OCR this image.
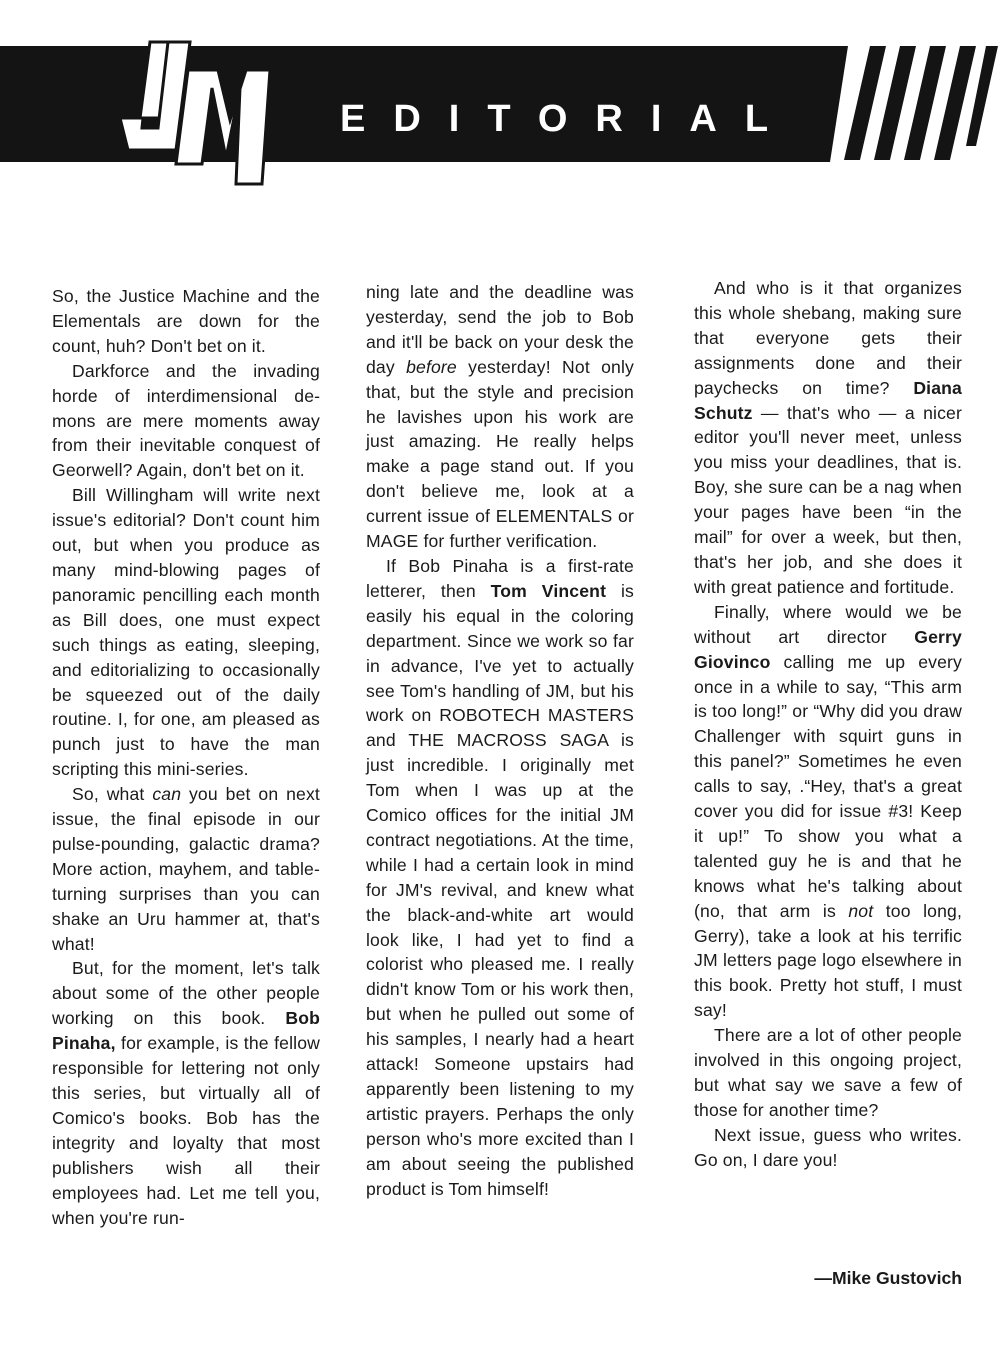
EDITORIAL

So, the Justice Machine and the Elementals are down for the count, huh? Don't bet on it.

Darkforce and the invading horde of interdimensional demons are mere moments away from their inevitable conquest of Georwell? Again, don't bet on it.

Bill Willingham will write next issue's editorial? Don't count him out, but when you produce as many mind-blowing pages of panoramic pencilling each month as Bill does, one must expect such things as eating, sleeping, and editorializing to occasionally be squeezed out of the daily routine. I, for one, am pleased as punch just to have the man scripting this mini-series.

So, what can you bet on next issue, the final episode in our pulse-pounding, galactic drama? More action, mayhem, and table-turning surprises than you can shake an Uru hammer at, that's what!

But, for the moment, let's talk about some of the other people working on this book. Bob Pinaha, for example, is the fellow responsible for lettering not only this series, but virtually all of Comico's books. Bob has the integrity and loyalty that most publishers wish all their employees had. Let me tell you, when you're run-

ning late and the deadline was yesterday, send the job to Bob and it'll be back on your desk the day before yesterday! Not only that, but the style and precision he lavishes upon his work are just amazing. He really helps make a page stand out. If you don't believe me, look at a current issue of ELEMENTALS or MAGE for further verification.

If Bob Pinaha is a first-rate letterer, then Tom Vincent is easily his equal in the coloring department. Since we work so far in advance, I've yet to actually see Tom's handling of JM, but his work on ROBOTECH MASTERS and THE MACROSS SAGA is just incredible. I originally met Tom when I was up at the Comico offices for the initial JM contract negotiations. At the time, while I had a certain look in mind for JM's revival, and knew what the black-and-white art would look like, I had yet to find a colorist who pleased me. I really didn't know Tom or his work then, but when he pulled out some of his samples, I nearly had a heart attack! Someone upstairs had apparently been listening to my artistic prayers. Perhaps the only person who's more excited than I am about seeing the published product is Tom himself!

And who is it that organizes this whole shebang, making sure that everyone gets their assignments done and their paychecks on time? Diana Schutz — that's who — a nicer editor you'll never meet, unless you miss your deadlines, that is. Boy, she sure can be a nag when your pages have been “in the mail” for over a week, but then, that's her job, and she does it with great patience and fortitude.

Finally, where would we be without art director Gerry Giovinco calling me up every once in a while to say, “This arm is too long!” or “Why did you draw Challenger with squirt guns in this panel?” Sometimes he even calls to say, .“Hey, that's a great cover you did for issue #3! Keep it up!” To show you what a talented guy he is and that he knows what he's talking about (no, that arm is not too long, Gerry), take a look at his terrific JM letters page logo elsewhere in this book. Pretty hot stuff, I must say!

There are a lot of other people involved in this ongoing project, but what say we save a few of those for another time?

Next issue, guess who writes. Go on, I dare you!

—Mike Gustovich
